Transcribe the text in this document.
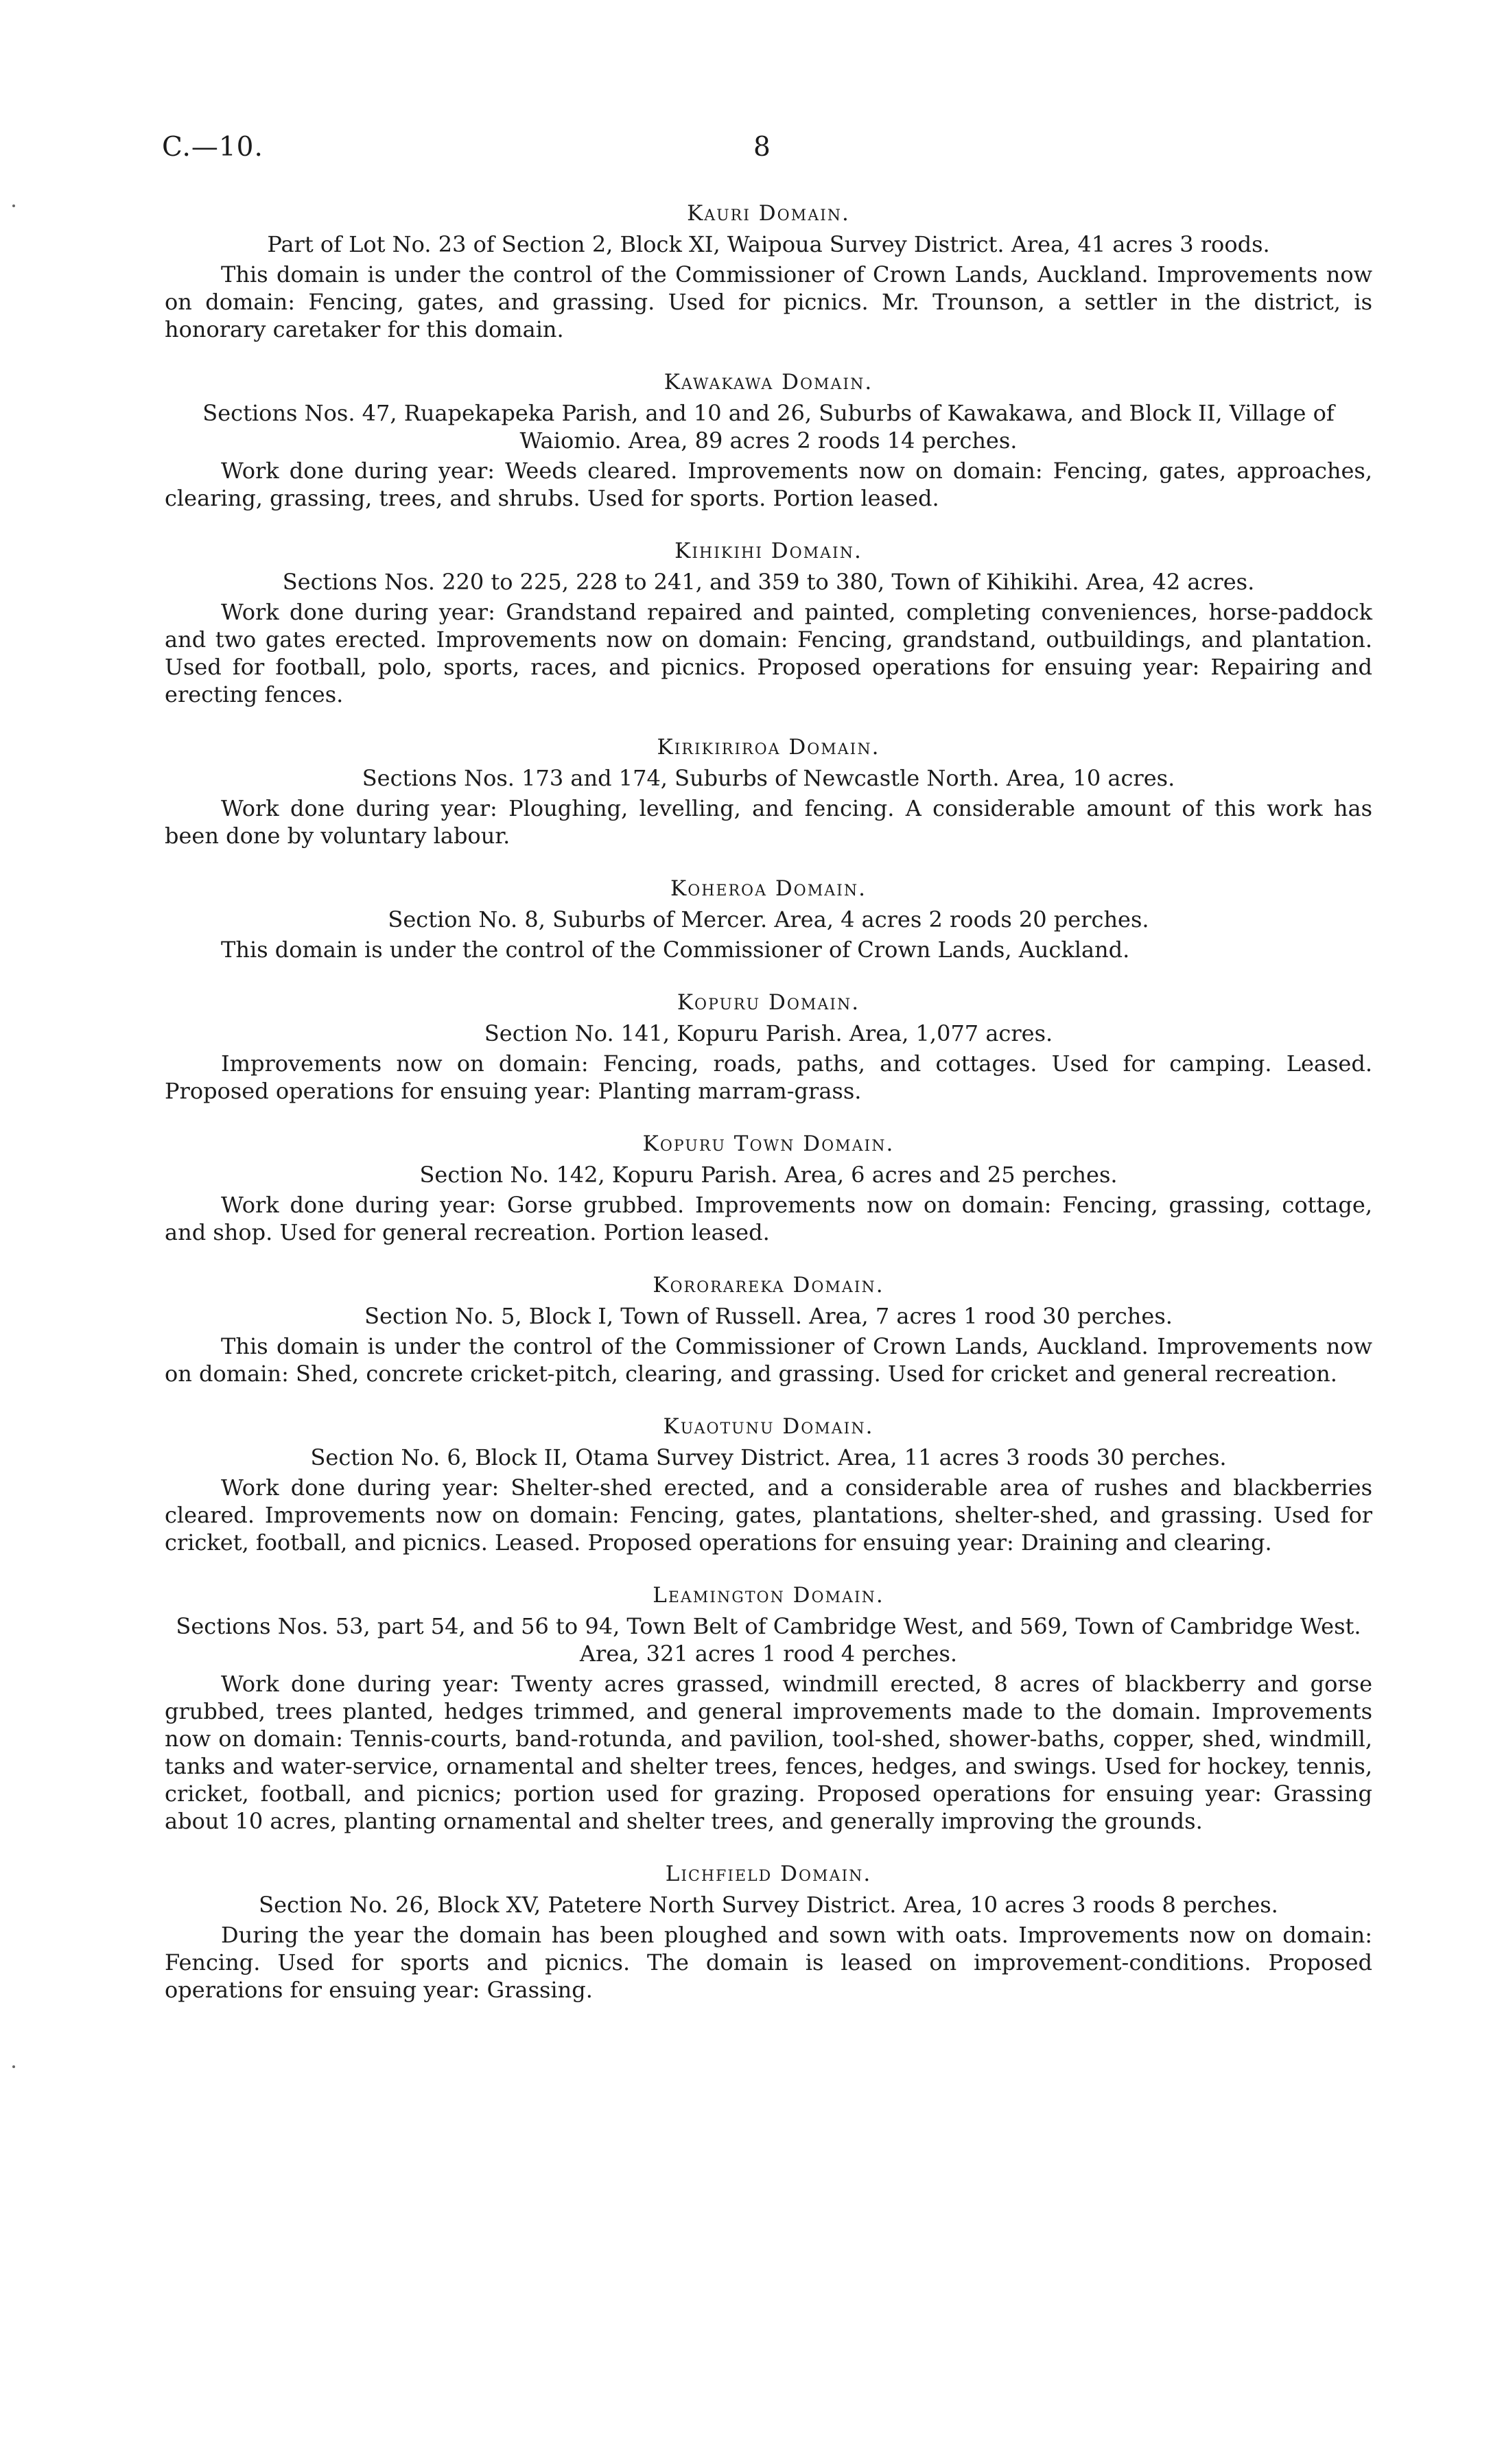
C.—10.	8
Kauri Domain.

Part of Lot No. 23 of Section 2, Block XI, Waipoua Survey District. Area, 41 acres 3 roods.

This domain is under the control of the Commissioner of Crown Lands, Auckland. Improvements now on domain: Fencing, gates, and grassing. Used for picnics. Mr. Trounson, a settler in the district, is honorary caretaker for this domain.

Kawakawa Domain.

Sections Nos. 47, Ruapekapeka Parish, and 10 and 26, Suburbs of Kawakawa, and Block II, Village of Waiomio. Area, 89 acres 2 roods 14 perches.

Work done during year: Weeds cleared. Improvements now on domain: Fencing, gates, approaches, clearing, grassing, trees, and shrubs. Used for sports. Portion leased.

Kihikihi Domain.

Sections Nos. 220 to 225, 228 to 241, and 359 to 380, Town of Kihikihi. Area, 42 acres.

Work done during year: Grandstand repaired and painted, completing conveniences, horse-paddock and two gates erected. Improvements now on domain: Fencing, grandstand, outbuildings, and plantation. Used for football, polo, sports, races, and picnics. Proposed operations for ensuing year: Repairing and erecting fences.

Kirikiriroa Domain.

Sections Nos. 173 and 174, Suburbs of Newcastle North. Area, 10 acres.

Work done during year: Ploughing, levelling, and fencing. A considerable amount of this work has been done by voluntary labour.

Koheroa Domain.

Section No. 8, Suburbs of Mercer. Area, 4 acres 2 roods 20 perches.

This domain is under the control of the Commissioner of Crown Lands, Auckland.

Kopuru Domain.

Section No. 141, Kopuru Parish. Area, 1,077 acres.

Improvements now on domain: Fencing, roads, paths, and cottages. Used for camping. Leased. Proposed operations for ensuing year: Planting marram-grass.

Kopuru Town Domain.

Section No. 142, Kopuru Parish. Area, 6 acres and 25 perches.

Work done during year: Gorse grubbed. Improvements now on domain: Fencing, grassing, cottage, and shop. Used for general recreation. Portion leased.

Kororareka Domain.

Section No. 5, Block I, Town of Russell. Area, 7 acres 1 rood 30 perches.

This domain is under the control of the Commissioner of Crown Lands, Auckland. Improvements now on domain: Shed, concrete cricket-pitch, clearing, and grassing. Used for cricket and general recreation.

Kuaotunu Domain.

Section No. 6, Block II, Otama Survey District. Area, 11 acres 3 roods 30 perches.

Work done during year: Shelter-shed erected, and a considerable area of rushes and blackberries cleared. Improvements now on domain: Fencing, gates, plantations, shelter-shed, and grassing. Used for cricket, football, and picnics. Leased. Proposed operations for ensuing year: Draining and clearing.

Leamington Domain.

Sections Nos. 53, part 54, and 56 to 94, Town Belt of Cambridge West, and 569, Town of Cambridge West. Area, 321 acres 1 rood 4 perches.

Work done during year: Twenty acres grassed, windmill erected, 8 acres of blackberry and gorse grubbed, trees planted, hedges trimmed, and general improvements made to the domain. Improvements now on domain: Tennis-courts, band-rotunda, and pavilion, tool-shed, shower-baths, copper, shed, windmill, tanks and water-service, ornamental and shelter trees, fences, hedges, and swings. Used for hockey, tennis, cricket, football, and picnics; portion used for grazing. Proposed operations for ensuing year: Grassing about 10 acres, planting ornamental and shelter trees, and generally improving the grounds.

Lichfield Domain.

Section No. 26, Block XV, Patetere North Survey District. Area, 10 acres 3 roods 8 perches.

During the year the domain has been ploughed and sown with oats. Improvements now on domain: Fencing. Used for sports and picnics. The domain is leased on improvement-conditions. Proposed operations for ensuing year: Grassing.
